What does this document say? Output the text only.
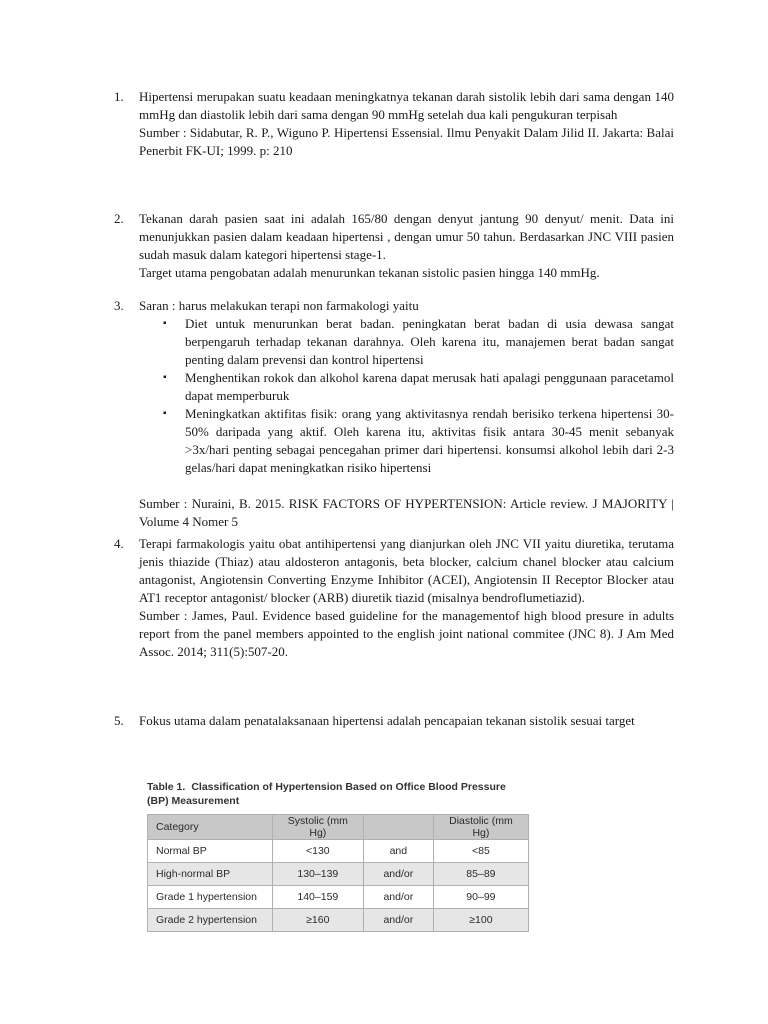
1. Hipertensi merupakan suatu keadaan meningkatnya tekanan darah sistolik lebih dari sama dengan 140 mmHg dan diastolik lebih dari sama dengan 90 mmHg setelah dua kali pengukuran terpisah

Sumber : Sidabutar, R. P., Wiguno P. Hipertensi Essensial. Ilmu Penyakit Dalam Jilid II. Jakarta: Balai Penerbit FK-UI; 1999. p: 210

2. Tekanan darah pasien saat ini adalah 165/80 dengan denyut jantung 90 denyut/ menit. Data ini menunjukkan pasien dalam keadaan hipertensi , dengan umur 50 tahun. Berdasarkan JNC VIII pasien sudah masuk dalam kategori hipertensi stage-1.

Target utama pengobatan adalah menurunkan tekanan sistolic pasien hingga 140 mmHg.

3. Saran : harus melakukan terapi non farmakologi yaitu

▪ Diet untuk menurunkan berat badan. peningkatan berat badan di usia dewasa sangat berpengaruh terhadap tekanan darahnya. Oleh karena itu, manajemen berat badan sangat penting dalam prevensi dan kontrol hipertensi
▪ Menghentikan rokok dan alkohol karena dapat merusak hati apalagi penggunaan paracetamol dapat memperburuk
▪ Meningkatkan aktifitas fisik: orang yang aktivitasnya rendah berisiko terkena hipertensi 30-50% daripada yang aktif. Oleh karena itu, aktivitas fisik antara 30-45 menit sebanyak >3x/hari penting sebagai pencegahan primer dari hipertensi. konsumsi alkohol lebih dari 2-3 gelas/hari dapat meningkatkan risiko hipertensi

Sumber : Nuraini, B. 2015. RISK FACTORS OF HYPERTENSION: Article review. J MAJORITY | Volume 4 Nomer 5

4. Terapi farmakologis yaitu obat antihipertensi yang dianjurkan oleh JNC VII yaitu diuretika, terutama jenis thiazide (Thiaz) atau aldosteron antagonis, beta blocker, calcium chanel blocker atau calcium antagonist, Angiotensin Converting Enzyme Inhibitor (ACEI), Angiotensin II Receptor Blocker atau AT1 receptor antagonist/ blocker (ARB) diuretik tiazid (misalnya bendroflumetiazid).

Sumber : James, Paul. Evidence based guideline for the managementof high blood presure in adults report from the panel members appointed to the english joint national commitee (JNC 8). J Am Med Assoc. 2014; 311(5):507-20.

5. Fokus utama dalam penatalaksanaan hipertensi adalah pencapaian tekanan sistolik sesuai target

Table 1. Classification of Hypertension Based on Office Blood Pressure (BP) Measurement
Category	Systolic (mm Hg)		Diastolic (mm Hg)
Normal BP	<130	and	<85
High-normal BP	130–139	and/or	85–89
Grade 1 hypertension	140–159	and/or	90–99
Grade 2 hypertension	≥160	and/or	≥100
